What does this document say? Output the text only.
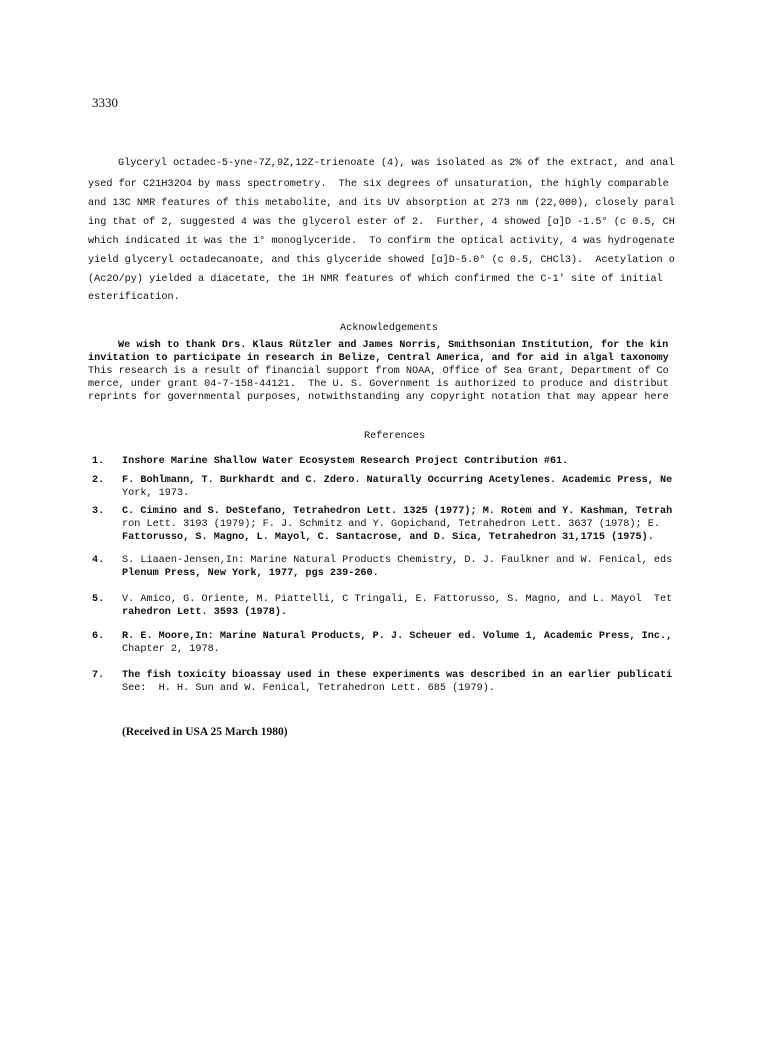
3330
Glyceryl octadec-5-yne-7Z,9Z,12Z-trienoate (4), was isolated as 2% of the extract, and anal
ysed for C21H32O4 by mass spectrometry.  The six degrees of unsaturation, the highly comparable
and 13C NMR features of this metabolite, and its UV absorption at 273 nm (22,000), closely paral
ing that of 2, suggested 4 was the glycerol ester of 2.  Further, 4 showed [α]D -1.5° (c 0.5, CH
which indicated it was the 1° monoglyceride.  To confirm the optical activity, 4 was hydrogenate
yield glyceryl octadecanoate, and this glyceride showed [α]D-5.0° (c 0.5, CHCl3).  Acetylation o
(Ac2O/py) yielded a diacetate, the 1H NMR features of which confirmed the C-1' site of initial
esterification.
Acknowledgements
We wish to thank Drs. Klaus Rützler and James Norris, Smithsonian Institution, for the kin
invitation to participate in research in Belize, Central America, and for aid in algal taxonomy
This research is a result of financial support from NOAA, Office of Sea Grant, Department of Co
merce, under grant 04-7-158-44121.  The U. S. Government is authorized to produce and distribut
reprints for governmental purposes, notwithstanding any copyright notation that may appear here
References
1. Inshore Marine Shallow Water Ecosystem Research Project Contribution #61.
2. F. Bohlmann, T. Burkhardt and C. Zdero. Naturally Occurring Acetylenes. Academic Press, Ne
York, 1973.
3. C. Cimino and S. DeStefano, Tetrahedron Lett. 1325 (1977); M. Rotem and Y. Kashman, Tetrah
ron Lett. 3193 (1979); F. J. Schmitz and Y. Gopichand, Tetrahedron Lett. 3637 (1978); E.
Fattorusso, S. Magno, L. Mayol, C. Santacrose, and D. Sica, Tetrahedron 31,1715 (1975).
4. S. Liaaen-Jensen,In: Marine Natural Products Chemistry, D. J. Faulkner and W. Fenical, eds
Plenum Press, New York, 1977, pgs 239-260.
5. V. Amico, G. Oriente, M. Piattelli, C Tringali, E. Fattorusso, S. Magno, and L. Mayol  Tet
rahedron Lett. 3593 (1978).
6. R. E. Moore,In: Marine Natural Products, P. J. Scheuer ed. Volume 1, Academic Press, Inc.,
Chapter 2, 1978.
7. The fish toxicity bioassay used in these experiments was described in an earlier publicati
See:  H. H. Sun and W. Fenical, Tetrahedron Lett. 685 (1979).
(Received in USA 25 March 1980)
